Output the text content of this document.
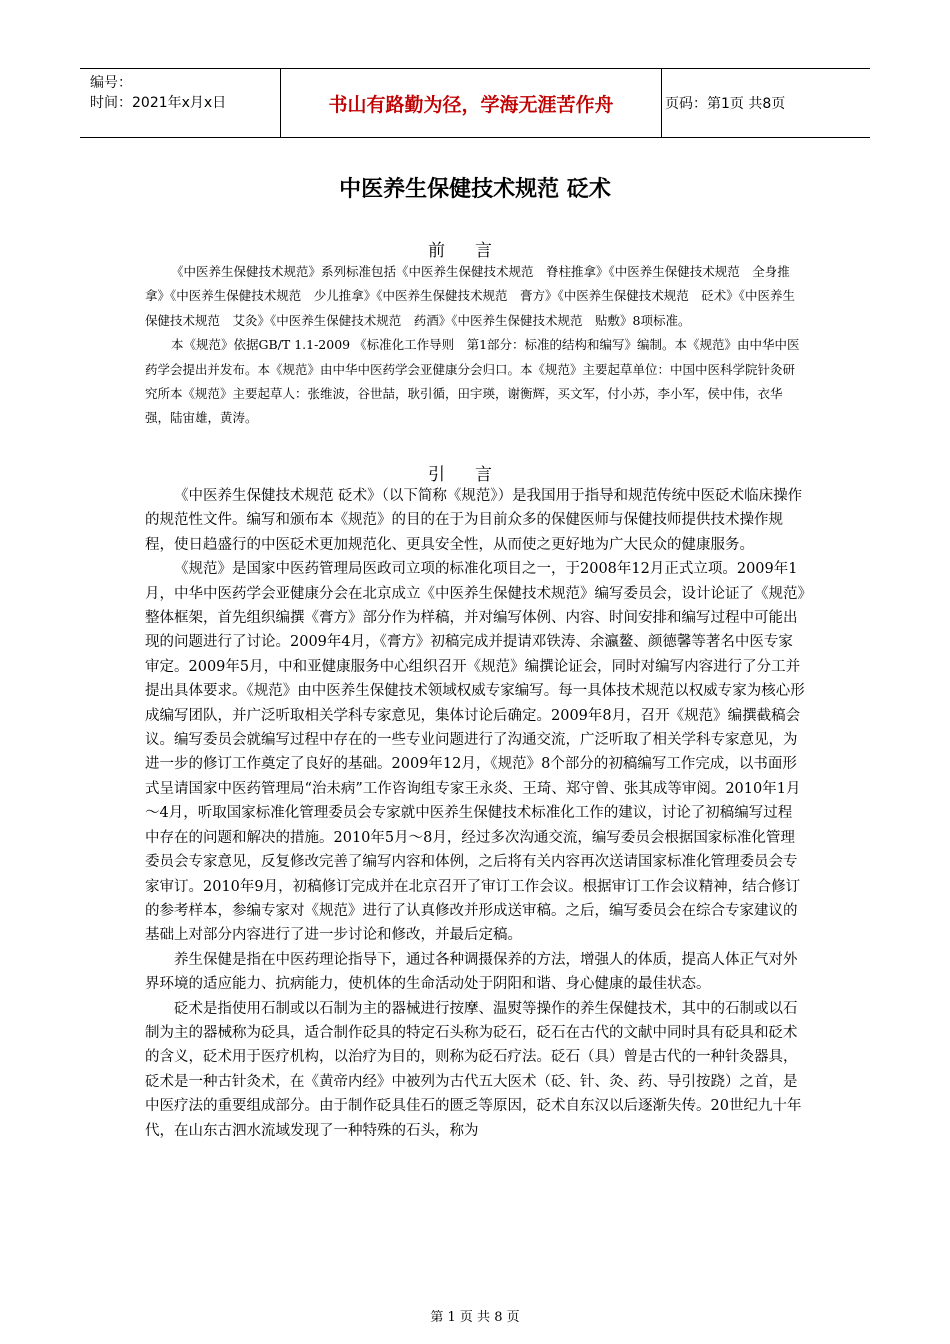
编号：
时间：2021年x月x日	书山有路勤为径，学海无涯苦作舟	页码：第1页 共8页
中医养生保健技术规范 砭术
前言

《中医养生保健技术规范》系列标准包括《中医养生保健技术规范　脊柱推拿》《中医养生保健技术规范　全身推拿》《中医养生保健技术规范　少儿推拿》《中医养生保健技术规范　膏方》《中医养生保健技术规范　砭术》《中医养生保健技术规范　艾灸》《中医养生保健技术规范　药酒》《中医养生保健技术规范　贴敷》8项标准。

本《规范》依据GB/T 1.1-2009 《标准化工作导则　第1部分：标准的结构和编写》编制。本《规范》由中华中医药学会提出并发布。本《规范》由中华中医药学会亚健康分会归口。本《规范》主要起草单位：中国中医科学院针灸研究所本《规范》主要起草人：张维波，谷世喆，耿引循，田宇瑛，谢衡辉，买文军，付小苏，李小军，侯中伟，衣华强，陆宙雄，黄涛。

引言

《中医养生保健技术规范 砭术》（以下简称《规范》）是我国用于指导和规范传统中医砭术临床操作的规范性文件。编写和颁布本《规范》的目的在于为目前众多的保健医师与保健技师提供技术操作规程，使日趋盛行的中医砭术更加规范化、更具安全性，从而使之更好地为广大民众的健康服务。

《规范》是国家中医药管理局医政司立项的标准化项目之一，于2008年12月正式立项。2009年1月，中华中医药学会亚健康分会在北京成立《中医养生保健技术规范》编写委员会，设计论证了《规范》整体框架，首先组织编撰《膏方》部分作为样稿，并对编写体例、内容、时间安排和编写过程中可能出现的问题进行了讨论。2009年4月，《膏方》初稿完成并提请邓铁涛、余瀛鳌、颜德馨等著名中医专家审定。2009年5月，中和亚健康服务中心组织召开《规范》编撰论证会，同时对编写内容进行了分工并提出具体要求。《规范》由中医养生保健技术领域权威专家编写。每一具体技术规范以权威专家为核心形成编写团队，并广泛听取相关学科专家意见，集体讨论后确定。2009年8月，召开《规范》编撰截稿会议。编写委员会就编写过程中存在的一些专业问题进行了沟通交流，广泛听取了相关学科专家意见，为进一步的修订工作奠定了良好的基础。2009年12月，《规范》8个部分的初稿编写工作完成，以书面形式呈请国家中医药管理局“治未病”工作咨询组专家王永炎、王琦、郑守曾、张其成等审阅。2010年1月～4月，听取国家标准化管理委员会专家就中医养生保健技术标准化工作的建议，讨论了初稿编写过程中存在的问题和解决的措施。2010年5月～8月，经过多次沟通交流，编写委员会根据国家标准化管理委员会专家意见，反复修改完善了编写内容和体例，之后将有关内容再次送请国家标准化管理委员会专家审订。2010年9月，初稿修订完成并在北京召开了审订工作会议。根据审订工作会议精神，结合修订的参考样本，参编专家对《规范》进行了认真修改并形成送审稿。之后，编写委员会在综合专家建议的基础上对部分内容进行了进一步讨论和修改，并最后定稿。

养生保健是指在中医药理论指导下，通过各种调摄保养的方法，增强人的体质，提高人体正气对外界环境的适应能力、抗病能力，使机体的生命活动处于阴阳和谐、身心健康的最佳状态。

砭术是指使用石制或以石制为主的器械进行按摩、温熨等操作的养生保健技术，其中的石制或以石制为主的器械称为砭具，适合制作砭具的特定石头称为砭石，砭石在古代的文献中同时具有砭具和砭术的含义，砭术用于医疗机构，以治疗为目的，则称为砭石疗法。砭石（具）曾是古代的一种针灸器具，砭术是一种古针灸术，在《黄帝内经》中被列为古代五大医术（砭、针、灸、药、导引按跷）之首，是中医疗法的重要组成部分。由于制作砭具佳石的匮乏等原因，砭术自东汉以后逐渐失传。20世纪九十年代，在山东古泗水流域发现了一种特殊的石头，称为

第 1 页 共 8 页
